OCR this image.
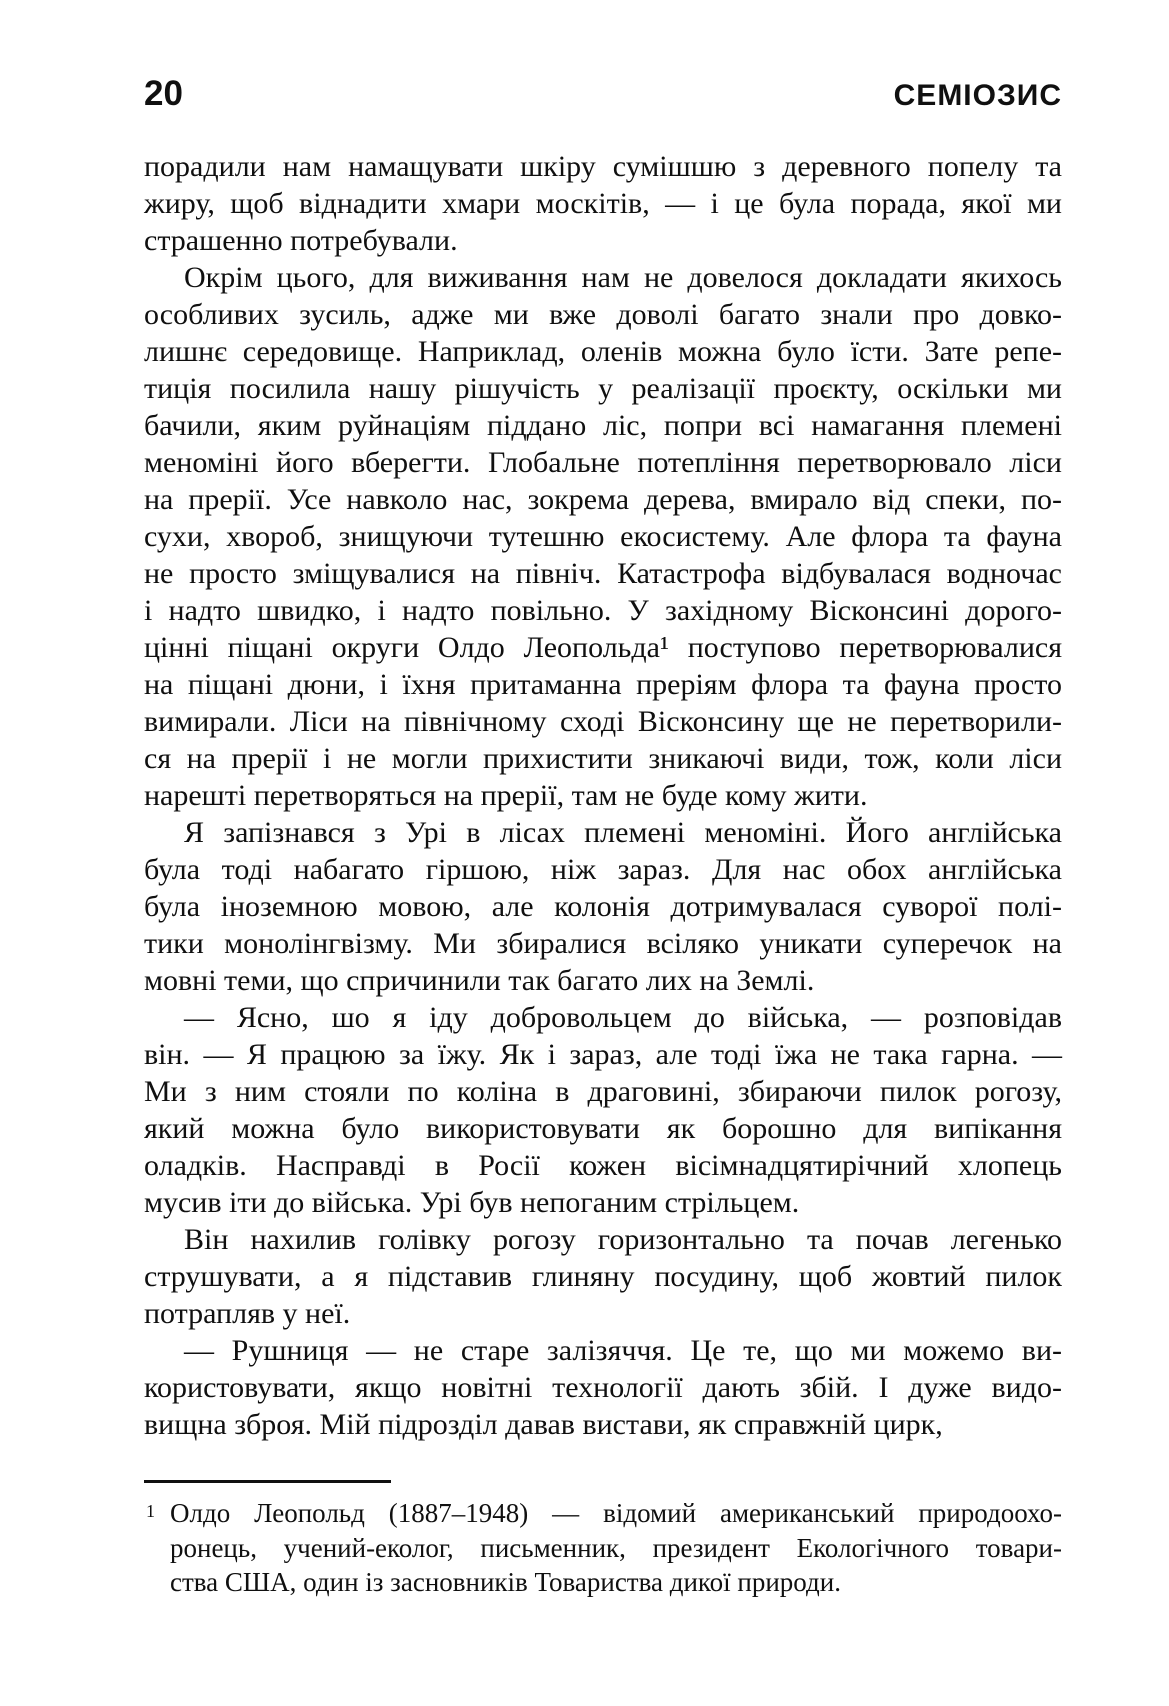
20	СЕМІОЗИС

порадили нам намащувати шкіру сумішшю з деревного попелу та
жиру, щоб віднадити хмари москітів, — і це була порада, якої ми
страшенно потребували.

Окрім цього, для виживання нам не довелося докладати якихось
особливих зусиль, адже ми вже доволі багато знали про довко-
лишнє середовище. Наприклад, оленів можна було їсти. Зате репе-
тиція посилила нашу рішучість у реалізації проєкту, оскільки ми
бачили, яким руйнаціям піддано ліс, попри всі намагання племені
меноміні його вберегти. Глобальне потепління перетворювало ліси
на прерії. Усе навколо нас, зокрема дерева, вмирало від спеки, по-
сухи, хвороб, знищуючи тутешню екосистему. Але флора та фауна
не просто зміщувалися на північ. Катастрофа відбувалася водночас
і надто швидко, і надто повільно. У західному Вісконсині дорого-
цінні піщані округи Олдо Леопольда¹ поступово перетворювалися
на піщані дюни, і їхня притаманна преріям флора та фауна просто
вимирали. Ліси на північному сході Вісконсину ще не перетворили-
ся на прерії і не могли прихистити зникаючі види, тож, коли ліси
нарешті перетворяться на прерії, там не буде кому жити.

Я запізнався з Урі в лісах племені меноміні. Його англійська
була тоді набагато гіршою, ніж зараз. Для нас обох англійська
була іноземною мовою, але колонія дотримувалася суворої полі-
тики монолінгвізму. Ми збиралися всіляко уникати суперечок на
мовні теми, що спричинили так багато лих на Землі.

— Ясно, шо я іду добровольцем до війська, — розповідав
він. — Я працюю за їжу. Як і зараз, але тоді їжа не така гарна. —
Ми з ним стояли по коліна в драговині, збираючи пилок рогозу,
який можна було використовувати як борошно для випікання
оладків. Насправді в Росії кожен вісімнадцятирічний хлопець
мусив іти до війська. Урі був непоганим стрільцем.

Він нахилив голівку рогозу горизонтально та почав легенько
струшувати, а я підставив глиняну посудину, щоб жовтий пилок
потрапляв у неї.

— Рушниця — не старе залізяччя. Це те, що ми можемо ви-
користовувати, якщо новітні технології дають збій. І дуже видо-
вищна зброя. Мій підрозділ давав вистави, як справжній цирк,

1 Олдо Леопольд (1887–1948) — відомий американський природоохо-
ронець, учений-еколог, письменник, президент Екологічного товари-
ства США, один із засновників Товариства дикої природи.
